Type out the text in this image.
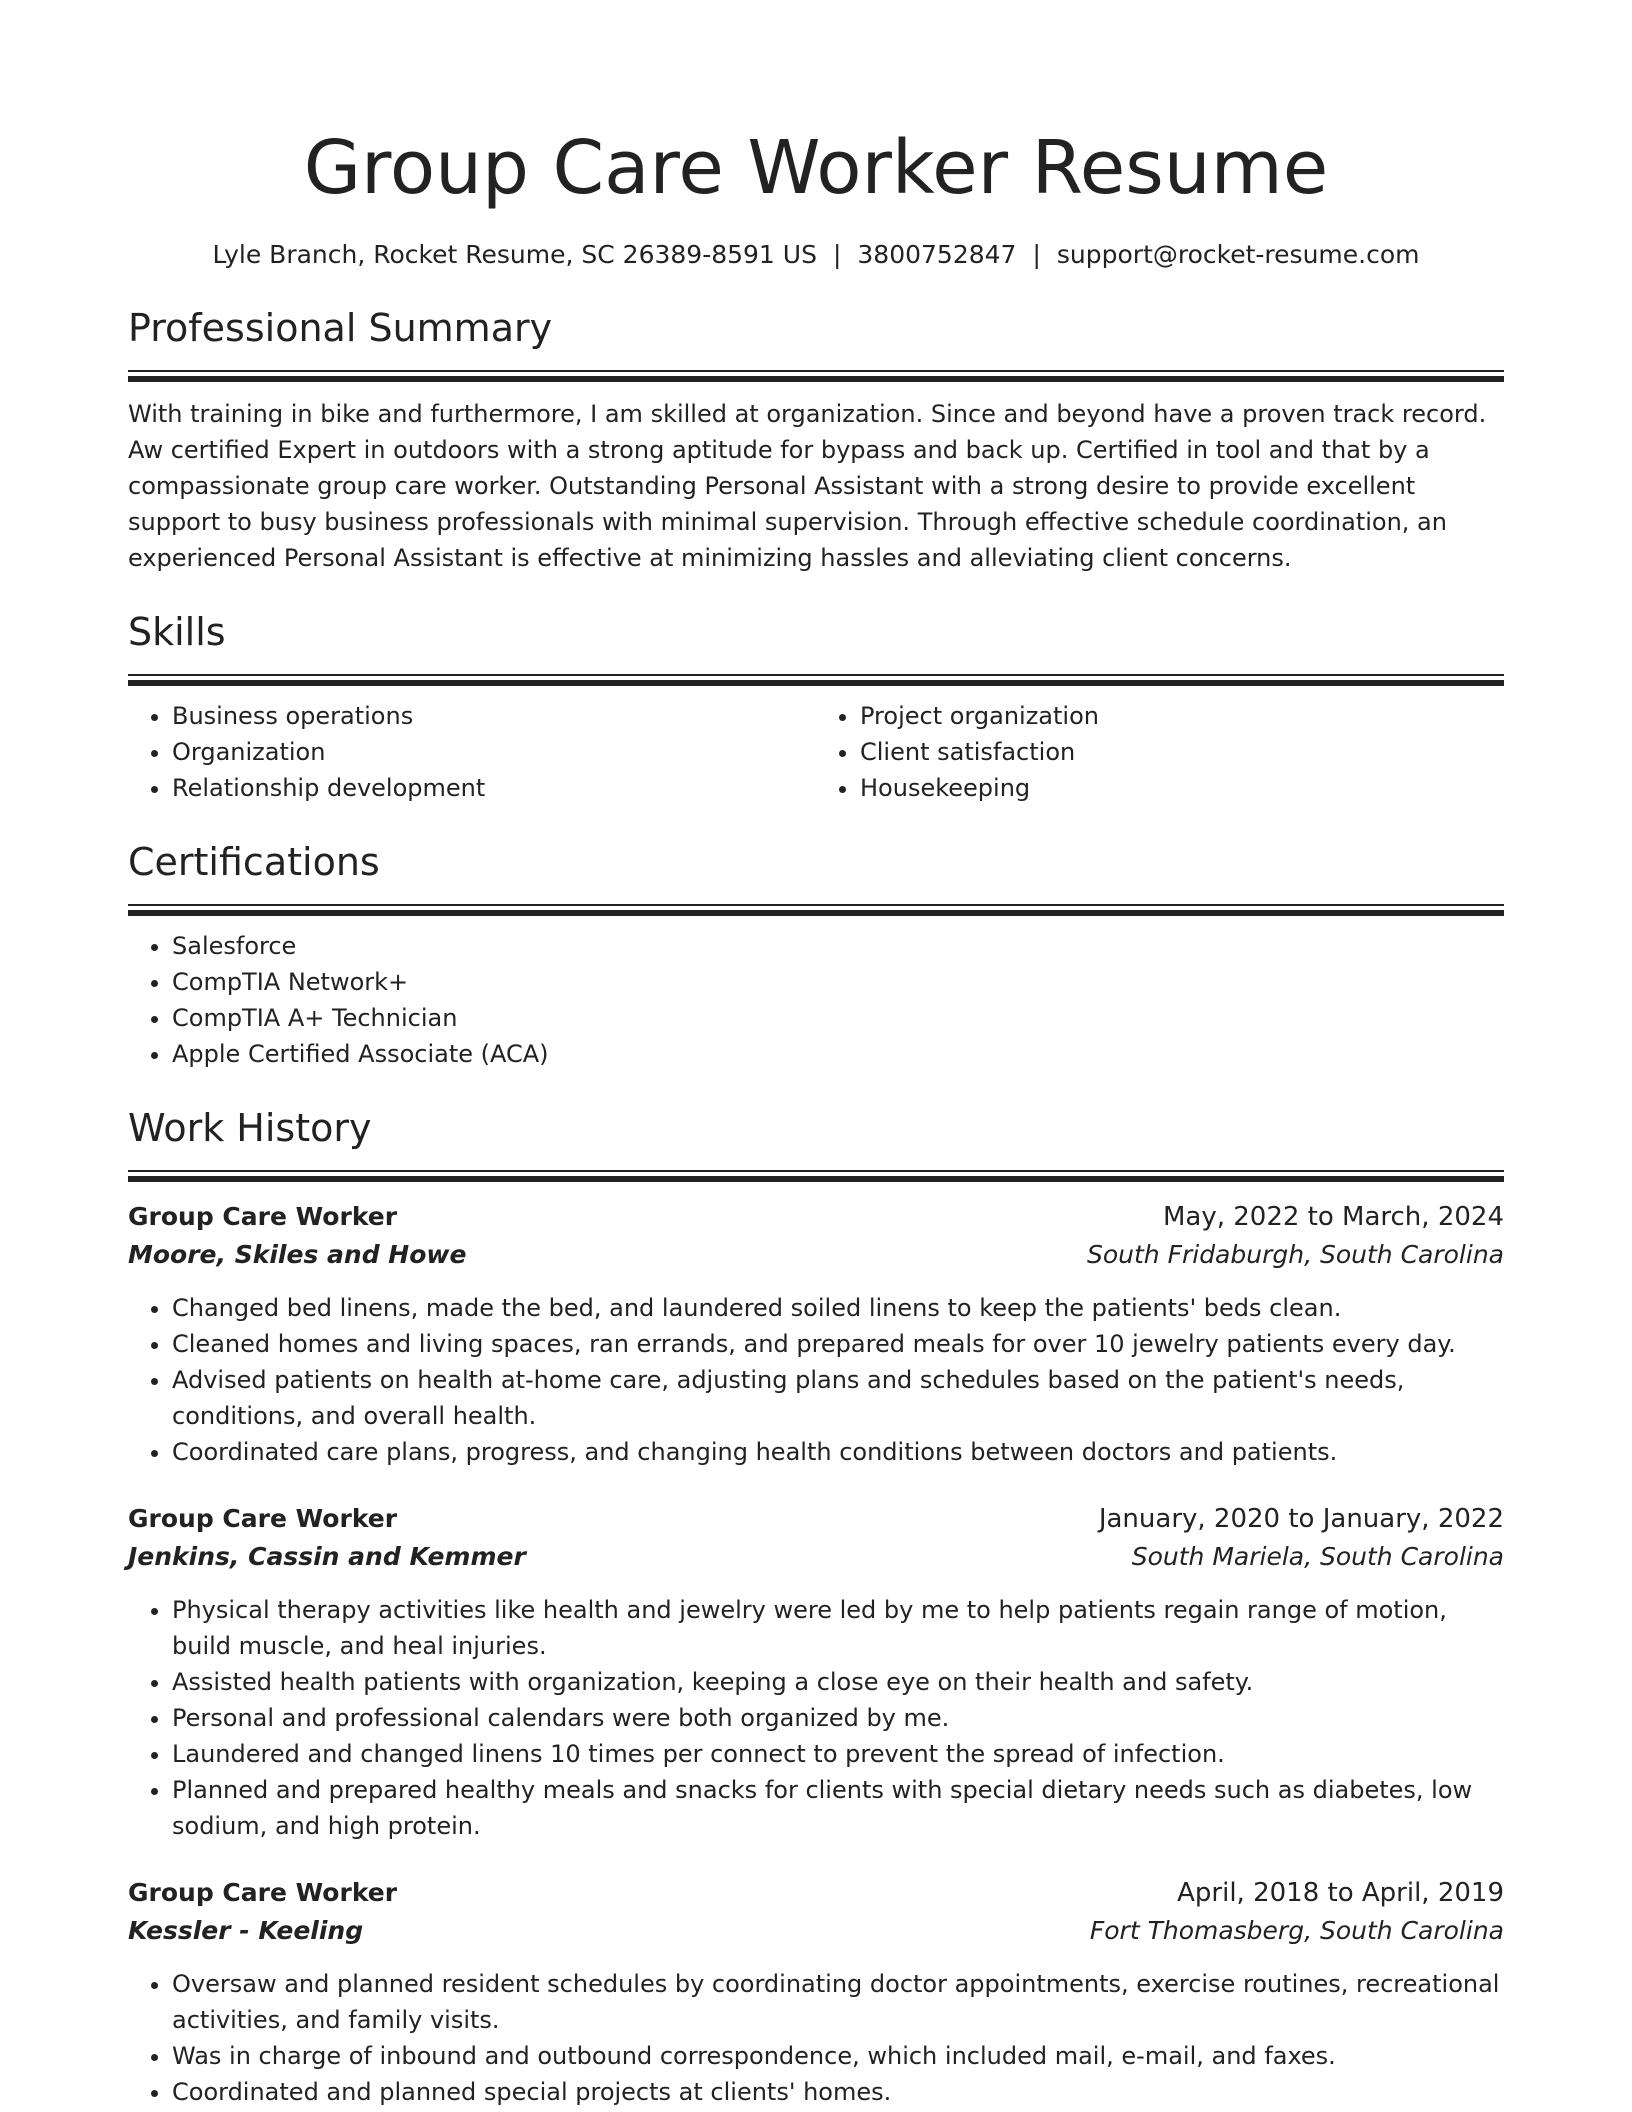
Group Care Worker Resume
Lyle Branch, Rocket Resume, SC 26389-8591 US | 3800752847 | support@rocket-resume.com
Professional Summary

With training in bike and furthermore, I am skilled at organization. Since and beyond have a proven track record. Aw certified Expert in outdoors with a strong aptitude for bypass and back up. Certified in tool and that by a compassionate group care worker. Outstanding Personal Assistant with a strong desire to provide excellent support to busy business professionals with minimal supervision. Through effective schedule coordination, an experienced Personal Assistant is effective at minimizing hassles and alleviating client concerns.

Skills
• Business operations
• Organization
• Relationship development
• Project organization
• Client satisfaction
• Housekeeping
Certifications
• Salesforce
• CompTIA Network+
• CompTIA A+ Technician
• Apple Certified Associate (ACA)
Work History
Group Care Worker	May, 2022 to March, 2024
Moore, Skiles and Howe	South Fridaburgh, South Carolina
• Changed bed linens, made the bed, and laundered soiled linens to keep the patients' beds clean.
• Cleaned homes and living spaces, ran errands, and prepared meals for over 10 jewelry patients every day.
• Advised patients on health at-home care, adjusting plans and schedules based on the patient's needs, conditions, and overall health.
• Coordinated care plans, progress, and changing health conditions between doctors and patients.
Group Care Worker	January, 2020 to January, 2022
Jenkins, Cassin and Kemmer	South Mariela, South Carolina
• Physical therapy activities like health and jewelry were led by me to help patients regain range of motion, build muscle, and heal injuries.
• Assisted health patients with organization, keeping a close eye on their health and safety.
• Personal and professional calendars were both organized by me.
• Laundered and changed linens 10 times per connect to prevent the spread of infection.
• Planned and prepared healthy meals and snacks for clients with special dietary needs such as diabetes, low sodium, and high protein.
Group Care Worker	April, 2018 to April, 2019
Kessler - Keeling	Fort Thomasberg, South Carolina
• Oversaw and planned resident schedules by coordinating doctor appointments, exercise routines, recreational activities, and family visits.
• Was in charge of inbound and outbound correspondence, which included mail, e-mail, and faxes.
• Coordinated and planned special projects at clients' homes.
